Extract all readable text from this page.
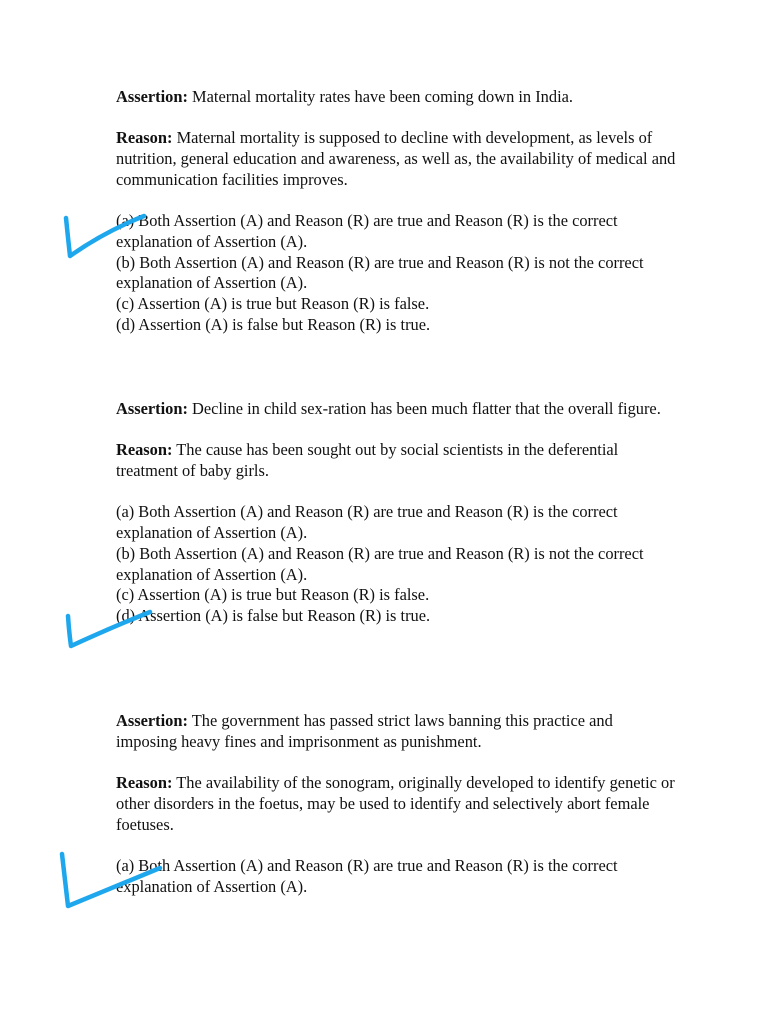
Assertion: Maternal mortality rates have been coming down in India.

Reason: Maternal mortality is supposed to decline with development, as levels of nutrition, general education and awareness, as well as, the availability of medical and communication facilities improves.

(a) Both Assertion (A) and Reason (R) are true and Reason (R) is the correct explanation of Assertion (A).

(b) Both Assertion (A) and Reason (R) are true and Reason (R) is not the correct explanation of Assertion (A).

(c) Assertion (A) is true but Reason (R) is false.

(d) Assertion (A) is false but Reason (R) is true.

Assertion: Decline in child sex-ration has been much flatter that the overall figure.

Reason: The cause has been sought out by social scientists in the deferential treatment of baby girls.

(a) Both Assertion (A) and Reason (R) are true and Reason (R) is the correct explanation of Assertion (A).

(b) Both Assertion (A) and Reason (R) are true and Reason (R) is not the correct explanation of Assertion (A).

(c) Assertion (A) is true but Reason (R) is false.

(d) Assertion (A) is false but Reason (R) is true.

Assertion: The government has passed strict laws banning this practice and imposing heavy fines and imprisonment as punishment.

Reason: The availability of the sonogram, originally developed to identify genetic or other disorders in the foetus, may be used to identify and selectively abort female foetuses.

(a) Both Assertion (A) and Reason (R) are true and Reason (R) is the correct explanation of Assertion (A).
